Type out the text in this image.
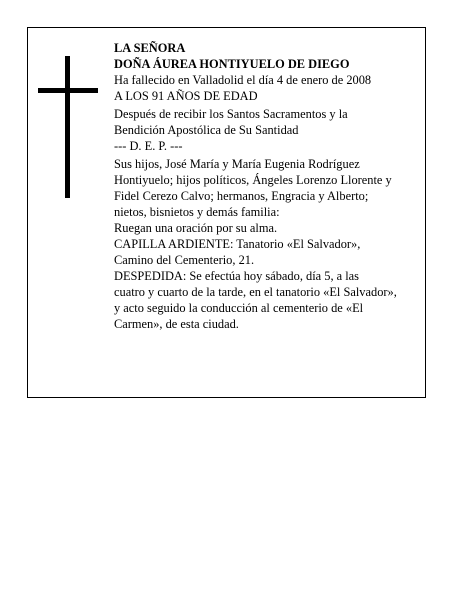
LA SEÑORA

DOÑA ÁUREA HONTIYUELO DE DIEGO

Ha fallecido en Valladolid el día 4 de enero de 2008

A LOS 91 AÑOS DE EDAD

Después de recibir los Santos Sacramentos y la

Bendición Apostólica de Su Santidad

--- D. E. P. ---

Sus hijos, José María y María Eugenia Rodríguez

Hontiyuelo; hijos políticos, Ángeles Lorenzo Llorente y

Fidel Cerezo Calvo; hermanos, Engracia y Alberto;

nietos, bisnietos y demás familia:

Ruegan una oración por su alma.

CAPILLA ARDIENTE: Tanatorio «El Salvador»,

Camino del Cementerio, 21.

DESPEDIDA: Se efectúa hoy sábado, día 5, a las

cuatro y cuarto de la tarde, en el tanatorio «El Salvador»,

y acto seguido la conducción al cementerio de «El

Carmen», de esta ciudad.
